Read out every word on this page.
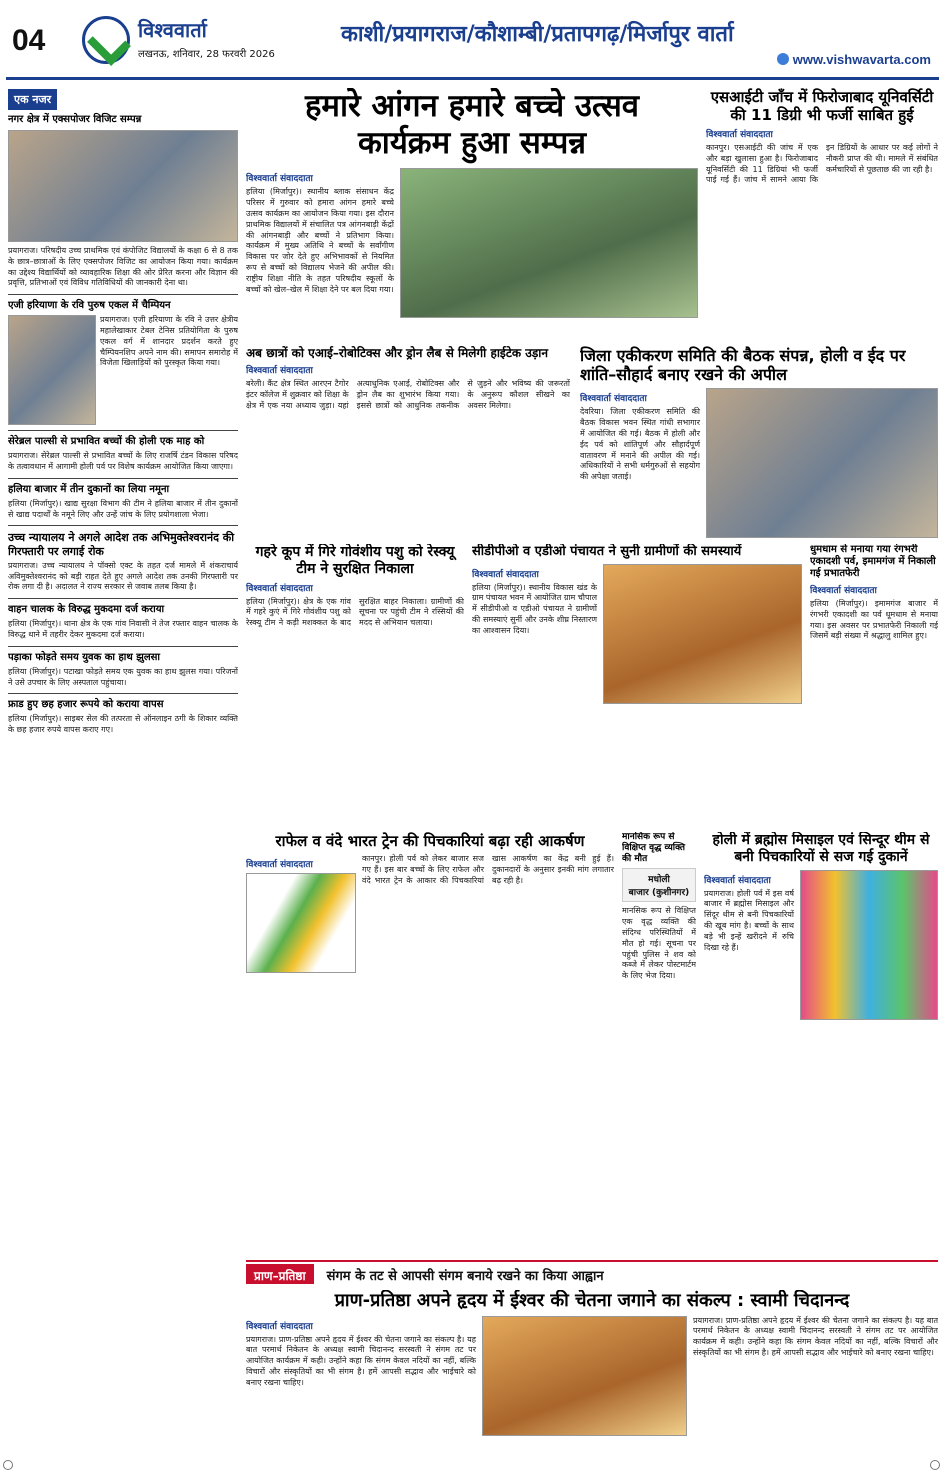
04	विश्ववार्ता
लखनऊ, शनिवार, 28 फरवरी 2026
काशी/प्रयागराज/कौशाम्बी/प्रतापगढ़/मिर्जापुर वार्ता
www.vishwavarta.com
एक नजर
नगर क्षेत्र में एक्सपोजर विजिट सम्पन्न
प्रयागराज। परिषदीय उच्च प्राथमिक एवं कंपोजिट विद्यालयों के कक्षा 6 से 8 तक के छात्र–छात्राओं के लिए एक्सपोजर विजिट का आयोजन किया गया। कार्यक्रम का उद्देश्य विद्यार्थियों को व्यावहारिक शिक्षा की ओर प्रेरित करना और विज्ञान की प्रवृत्ति, प्रतिभाओं एवं विविध गतिविधियों की जानकारी देना था।
एजी हरियाणा के रवि पुरुष एकल में चैम्पियन
प्रयागराज। एजी हरियाणा के रवि ने उत्तर क्षेत्रीय महालेखाकार टेबल टेनिस प्रतियोगिता के पुरुष एकल वर्ग में शानदार प्रदर्शन करते हुए चैम्पियनशिप अपने नाम की। समापन समारोह में विजेता खिलाड़ियों को पुरस्कृत किया गया।
सेरेब्रल पाल्सी से प्रभावित बच्चों की होली एक माह को
प्रयागराज। सेरेब्रल पाल्सी से प्रभावित बच्चों के लिए राजर्षि टंडन विकास परिषद के तत्वावधान में आगामी होली पर्व पर विशेष कार्यक्रम आयोजित किया जाएगा।
हलिया बाजार में तीन दुकानों का लिया नमूना
हलिया (मिर्जापुर)। खाद्य सुरक्षा विभाग की टीम ने हलिया बाजार में तीन दुकानों से खाद्य पदार्थों के नमूने लिए और उन्हें जांच के लिए प्रयोगशाला भेजा।
उच्च न्यायालय ने अगले आदेश तक अभिमुक्तेश्वरानंद की गिरफ्तारी पर लगाई रोक
प्रयागराज। उच्च न्यायालय ने पॉक्सो एक्ट के तहत दर्ज मामले में शंकराचार्य अविमुक्तेश्वरानंद को बड़ी राहत देते हुए अगले आदेश तक उनकी गिरफ्तारी पर रोक लगा दी है। अदालत ने राज्य सरकार से जवाब तलब किया है।
वाहन चालक के विरुद्ध मुकदमा दर्ज कराया
हलिया (मिर्जापुर)। थाना क्षेत्र के एक गांव निवासी ने तेज रफ्तार वाहन चालक के विरुद्ध थाने में तहरीर देकर मुकदमा दर्ज कराया।
पड़ाका फोड़ते समय युवक का हाथ झुलसा
हलिया (मिर्जापुर)। पटाखा फोड़ते समय एक युवक का हाथ झुलस गया। परिजनों ने उसे उपचार के लिए अस्पताल पहुंचाया।
फ्राड हुए छह हजार रूपये को कराया वापस
हलिया (मिर्जापुर)। साइबर सेल की तत्परता से ऑनलाइन ठगी के शिकार व्यक्ति के छह हजार रुपये वापस कराए गए।
हमारे आंगन हमारे बच्चे उत्सव
कार्यक्रम हुआ सम्पन्न
विश्ववार्ता संवाददाता
हलिया (मिर्जापुर)। स्थानीय ब्लाक संसाधन केंद्र परिसर में गुरुवार को हमारा आंगन हमारे बच्चे उत्सव कार्यक्रम का आयोजन किया गया। इस दौरान प्राथमिक विद्यालयों में संचालित पत्र आंगनबाड़ी केंद्रों की आंगनबाड़ी और बच्चों ने प्रतिभाग किया। कार्यक्रम में मुख्य अतिथि ने बच्चों के सर्वांगीण विकास पर जोर देते हुए अभिभावकों से नियमित रूप से बच्चों को विद्यालय भेजने की अपील की। राष्ट्रीय शिक्षा नीति के तहत परिषदीय स्कूलों के बच्चों को खेल–खेल में शिक्षा देने पर बल दिया गया।
एसआईटी जाँच में फिरोजाबाद यूनिवर्सिटी की 11 डिग्री भी फर्जी साबित हुई
विश्ववार्ता संवाददाता
कानपुर। एसआईटी की जांच में एक और बड़ा खुलासा हुआ है। फिरोजाबाद यूनिवर्सिटी की 11 डिग्रियां भी फर्जी पाई गई हैं। जांच में सामने आया कि इन डिग्रियों के आधार पर कई लोगों ने नौकरी प्राप्त की थी। मामले में संबंधित कर्मचारियों से पूछताछ की जा रही है।
अब छात्रों को एआई–रोबोटिक्स और ड्रोन लैब से मिलेगी हाईटेक उड़ान
विश्ववार्ता संवाददाता
बरेली। कैंट क्षेत्र स्थित आरएन टैगोर इंटर कॉलेज में शुक्रवार को शिक्षा के क्षेत्र में एक नया अध्याय जुड़ा। यहां अत्याधुनिक एआई, रोबोटिक्स और ड्रोन लैब का शुभारंभ किया गया। इससे छात्रों को आधुनिक तकनीक से जुड़ने और भविष्य की जरूरतों के अनुरूप कौशल सीखने का अवसर मिलेगा।
जिला एकीकरण समिति की बैठक संपन्न, होली व ईद पर शांति–सौहार्द बनाए रखने की अपील
विश्ववार्ता संवाददाता
देवरिया। जिला एकीकरण समिति की बैठक विकास भवन स्थित गांधी सभागार में आयोजित की गई। बैठक में होली और ईद पर्व को शांतिपूर्ण और सौहार्दपूर्ण वातावरण में मनाने की अपील की गई। अधिकारियों ने सभी धर्मगुरुओं से सहयोग की अपेक्षा जताई।
गहरे कूप में गिरे गोवंशीय पशु को रेस्क्यू टीम ने सुरक्षित निकाला
विश्ववार्ता संवाददाता
हलिया (मिर्जापुर)। क्षेत्र के एक गांव में गहरे कुएं में गिरे गोवंशीय पशु को रेस्क्यू टीम ने कड़ी मशक्कत के बाद सुरक्षित बाहर निकाला। ग्रामीणों की सूचना पर पहुंची टीम ने रस्सियों की मदद से अभियान चलाया।
सीडीपीओ व एडीओ पंचायत ने सुनी ग्रामीणों की समस्यायें
विश्ववार्ता संवाददाता
हलिया (मिर्जापुर)। स्थानीय विकास खंड के ग्राम पंचायत भवन में आयोजित ग्राम चौपाल में सीडीपीओ व एडीओ पंचायत ने ग्रामीणों की समस्याएं सुनीं और उनके शीघ्र निस्तारण का आश्वासन दिया।
धुमधाम से मनाया गया रंगभरी एकादशी पर्व, इमामगंज में निकाली गई प्रभातफेरी
विश्ववार्ता संवाददाता
हलिया (मिर्जापुर)। इमामगंज बाजार में रंगभरी एकादशी का पर्व धूमधाम से मनाया गया। इस अवसर पर प्रभातफेरी निकाली गई जिसमें बड़ी संख्या में श्रद्धालु शामिल हुए।
राफेल व वंदे भारत ट्रेन की पिचकारियां बढ़ा रही आकर्षण
विश्ववार्ता संवाददाता
कानपुर। होली पर्व को लेकर बाजार सज गए हैं। इस बार बच्चों के लिए राफेल और वंदे भारत ट्रेन के आकार की पिचकारियां खास आकर्षण का केंद्र बनी हुई हैं। दुकानदारों के अनुसार इनकी मांग लगातार बढ़ रही है।
मानसिक रूप से विक्षिप्त वृद्ध व्यक्ति की मौत
मधोली
बाजार (कुशीनगर)
मानसिक रूप से विक्षिप्त एक वृद्ध व्यक्ति की संदिग्ध परिस्थितियों में मौत हो गई। सूचना पर पहुंची पुलिस ने शव को कब्जे में लेकर पोस्टमार्टम के लिए भेज दिया।
होली में ब्रह्मोस मिसाइल एवं सिन्दूर थीम से बनी पिचकारियों से सज गई दुकानें
विश्ववार्ता संवाददाता
प्रयागराज। होली पर्व में इस वर्ष बाजार में ब्रह्मोस मिसाइल और सिंदूर थीम से बनी पिचकारियों की खूब मांग है। बच्चों के साथ बड़े भी इन्हें खरीदने में रुचि दिखा रहे हैं।
प्राण–प्रतिष्ठा संगम के तट से आपसी संगम बनाये रखने का किया आह्वान
प्राण-प्रतिष्ठा अपने हृदय में ईश्वर की चेतना जगाने का संकल्प : स्वामी चिदानन्द
विश्ववार्ता संवाददाता
प्रयागराज। प्राण-प्रतिष्ठा अपने हृदय में ईश्वर की चेतना जगाने का संकल्प है। यह बात परमार्थ निकेतन के अध्यक्ष स्वामी चिदानन्द सरस्वती ने संगम तट पर आयोजित कार्यक्रम में कही। उन्होंने कहा कि संगम केवल नदियों का नहीं, बल्कि विचारों और संस्कृतियों का भी संगम है। हमें आपसी सद्भाव और भाईचारे को बनाए रखना चाहिए।
प्रयागराज। प्राण-प्रतिष्ठा अपने हृदय में ईश्वर की चेतना जगाने का संकल्प है। यह बात परमार्थ निकेतन के अध्यक्ष स्वामी चिदानन्द सरस्वती ने संगम तट पर आयोजित कार्यक्रम में कही। उन्होंने कहा कि संगम केवल नदियों का नहीं, बल्कि विचारों और संस्कृतियों का भी संगम है। हमें आपसी सद्भाव और भाईचारे को बनाए रखना चाहिए।
